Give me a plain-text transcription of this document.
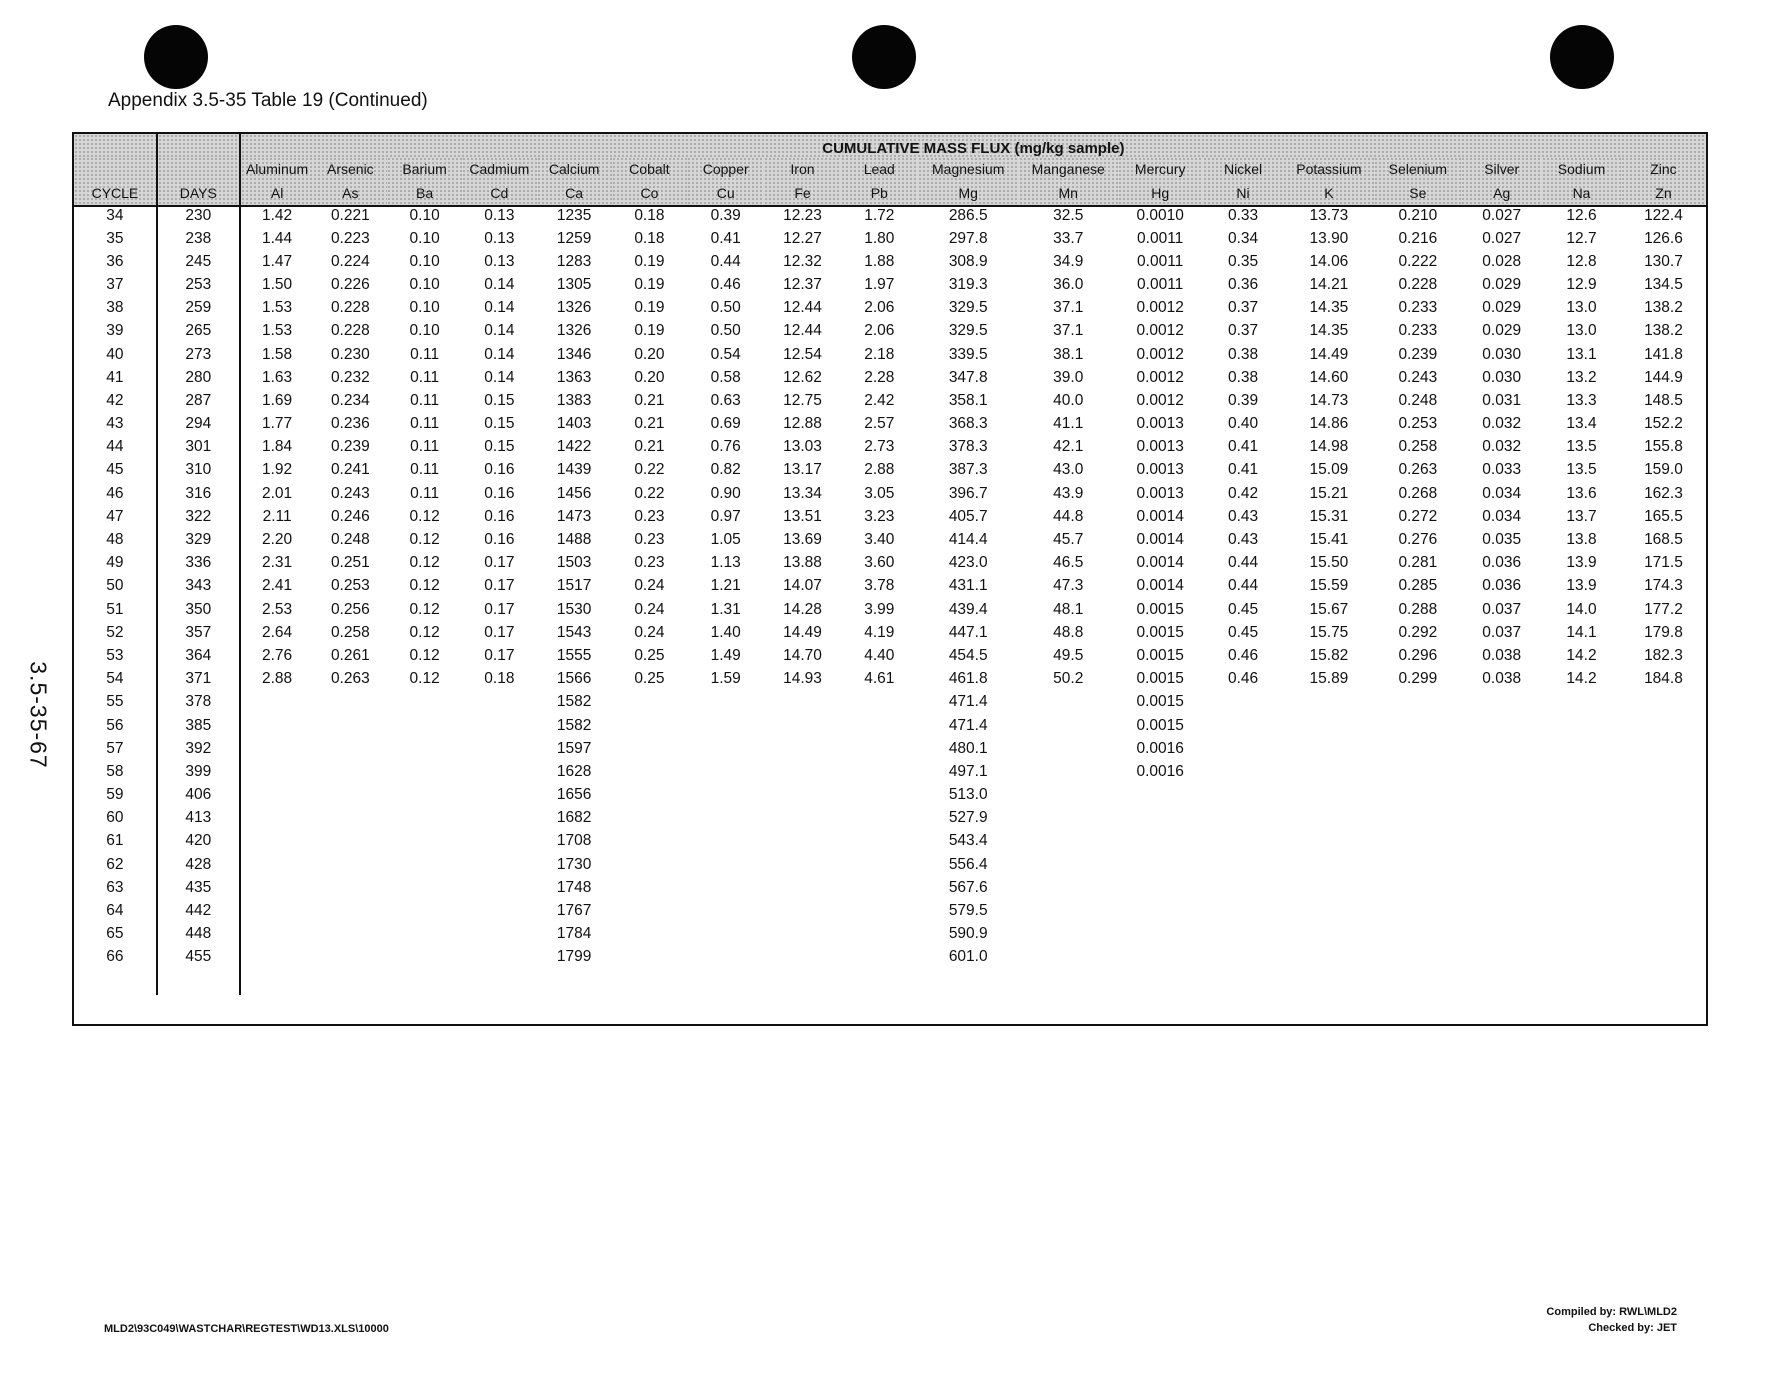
Appendix 3.5-35 Table 19 (Continued)
3.5-35-67
		CUMULATIVE MASS FLUX (mg/kg sample)																	
		Aluminum	Arsenic	Barium	Cadmium	Calcium	Cobalt	Copper	Iron	Lead	Magnesium	Manganese	Mercury	Nickel	Potassium	Selenium	Silver	Sodium	Zinc
CYCLE	DAYS	Al	As	Ba	Cd	Ca	Co	Cu	Fe	Pb	Mg	Mn	Hg	Ni	K	Se	Ag	Na	Zn
34	230	1.42	0.221	0.10	0.13	1235	0.18	0.39	12.23	1.72	286.5	32.5	0.0010	0.33	13.73	0.210	0.027	12.6	122.4
35	238	1.44	0.223	0.10	0.13	1259	0.18	0.41	12.27	1.80	297.8	33.7	0.0011	0.34	13.90	0.216	0.027	12.7	126.6
36	245	1.47	0.224	0.10	0.13	1283	0.19	0.44	12.32	1.88	308.9	34.9	0.0011	0.35	14.06	0.222	0.028	12.8	130.7
37	253	1.50	0.226	0.10	0.14	1305	0.19	0.46	12.37	1.97	319.3	36.0	0.0011	0.36	14.21	0.228	0.029	12.9	134.5
38	259	1.53	0.228	0.10	0.14	1326	0.19	0.50	12.44	2.06	329.5	37.1	0.0012	0.37	14.35	0.233	0.029	13.0	138.2
39	265	1.53	0.228	0.10	0.14	1326	0.19	0.50	12.44	2.06	329.5	37.1	0.0012	0.37	14.35	0.233	0.029	13.0	138.2
40	273	1.58	0.230	0.11	0.14	1346	0.20	0.54	12.54	2.18	339.5	38.1	0.0012	0.38	14.49	0.239	0.030	13.1	141.8
41	280	1.63	0.232	0.11	0.14	1363	0.20	0.58	12.62	2.28	347.8	39.0	0.0012	0.38	14.60	0.243	0.030	13.2	144.9
42	287	1.69	0.234	0.11	0.15	1383	0.21	0.63	12.75	2.42	358.1	40.0	0.0012	0.39	14.73	0.248	0.031	13.3	148.5
43	294	1.77	0.236	0.11	0.15	1403	0.21	0.69	12.88	2.57	368.3	41.1	0.0013	0.40	14.86	0.253	0.032	13.4	152.2
44	301	1.84	0.239	0.11	0.15	1422	0.21	0.76	13.03	2.73	378.3	42.1	0.0013	0.41	14.98	0.258	0.032	13.5	155.8
45	310	1.92	0.241	0.11	0.16	1439	0.22	0.82	13.17	2.88	387.3	43.0	0.0013	0.41	15.09	0.263	0.033	13.5	159.0
46	316	2.01	0.243	0.11	0.16	1456	0.22	0.90	13.34	3.05	396.7	43.9	0.0013	0.42	15.21	0.268	0.034	13.6	162.3
47	322	2.11	0.246	0.12	0.16	1473	0.23	0.97	13.51	3.23	405.7	44.8	0.0014	0.43	15.31	0.272	0.034	13.7	165.5
48	329	2.20	0.248	0.12	0.16	1488	0.23	1.05	13.69	3.40	414.4	45.7	0.0014	0.43	15.41	0.276	0.035	13.8	168.5
49	336	2.31	0.251	0.12	0.17	1503	0.23	1.13	13.88	3.60	423.0	46.5	0.0014	0.44	15.50	0.281	0.036	13.9	171.5
50	343	2.41	0.253	0.12	0.17	1517	0.24	1.21	14.07	3.78	431.1	47.3	0.0014	0.44	15.59	0.285	0.036	13.9	174.3
51	350	2.53	0.256	0.12	0.17	1530	0.24	1.31	14.28	3.99	439.4	48.1	0.0015	0.45	15.67	0.288	0.037	14.0	177.2
52	357	2.64	0.258	0.12	0.17	1543	0.24	1.40	14.49	4.19	447.1	48.8	0.0015	0.45	15.75	0.292	0.037	14.1	179.8
53	364	2.76	0.261	0.12	0.17	1555	0.25	1.49	14.70	4.40	454.5	49.5	0.0015	0.46	15.82	0.296	0.038	14.2	182.3
54	371	2.88	0.263	0.12	0.18	1566	0.25	1.59	14.93	4.61	461.8	50.2	0.0015	0.46	15.89	0.299	0.038	14.2	184.8
55	378					1582					471.4		0.0015						
56	385					1582					471.4		0.0015						
57	392					1597					480.1		0.0016						
58	399					1628					497.1		0.0016						
59	406					1656					513.0								
60	413					1682					527.9								
61	420					1708					543.4								
62	428					1730					556.4								
63	435					1748					567.6								
64	442					1767					579.5								
65	448					1784					590.9								
66	455					1799					601.0								

MLD2\93C049\WASTCHAR\REGTEST\WD13.XLS\10000
Compiled by: RWL\MLD2
Checked by: JET
